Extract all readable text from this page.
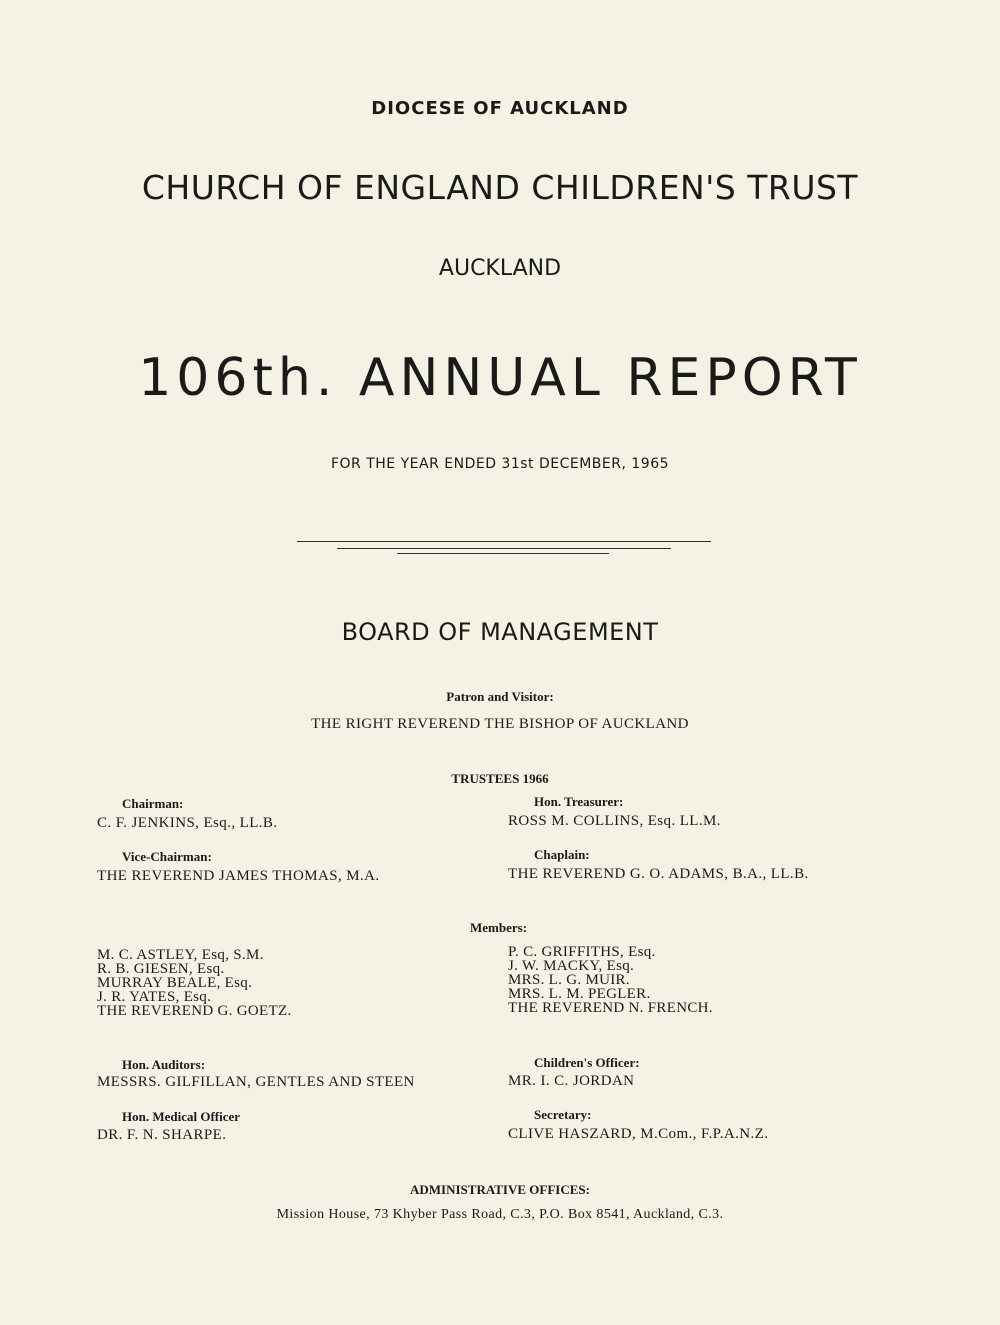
DIOCESE OF AUCKLAND
CHURCH OF ENGLAND CHILDREN'S TRUST
AUCKLAND
106th. ANNUAL REPORT
FOR THE YEAR ENDED 31st DECEMBER, 1965
BOARD OF MANAGEMENT
Patron and Visitor:
THE RIGHT REVEREND THE BISHOP OF AUCKLAND
TRUSTEES 1966
Chairman:
C. F. JENKINS, Esq., LL.B.
Hon. Treasurer:
ROSS M. COLLINS, Esq. LL.M.
Vice-Chairman:
THE REVEREND JAMES THOMAS, M.A.
Chaplain:
THE REVEREND G. O. ADAMS, B.A., LL.B.
Members:
M. C. ASTLEY, Esq, S.M.
R. B. GIESEN, Esq.
MURRAY BEALE, Esq.
J. R. YATES, Esq.
THE REVEREND G. GOETZ.
P. C. GRIFFITHS, Esq.
J. W. MACKY, Esq.
MRS. L. G. MUIR.
MRS. L. M. PEGLER.
THE REVEREND N. FRENCH.
Hon. Auditors:
MESSRS. GILFILLAN, GENTLES AND STEEN
Children's Officer:
MR. I. C. JORDAN
Hon. Medical Officer
DR. F. N. SHARPE.
Secretary:
CLIVE HASZARD, M.Com., F.P.A.N.Z.
ADMINISTRATIVE OFFICES:
Mission House, 73 Khyber Pass Road, C.3, P.O. Box 8541, Auckland, C.3.
